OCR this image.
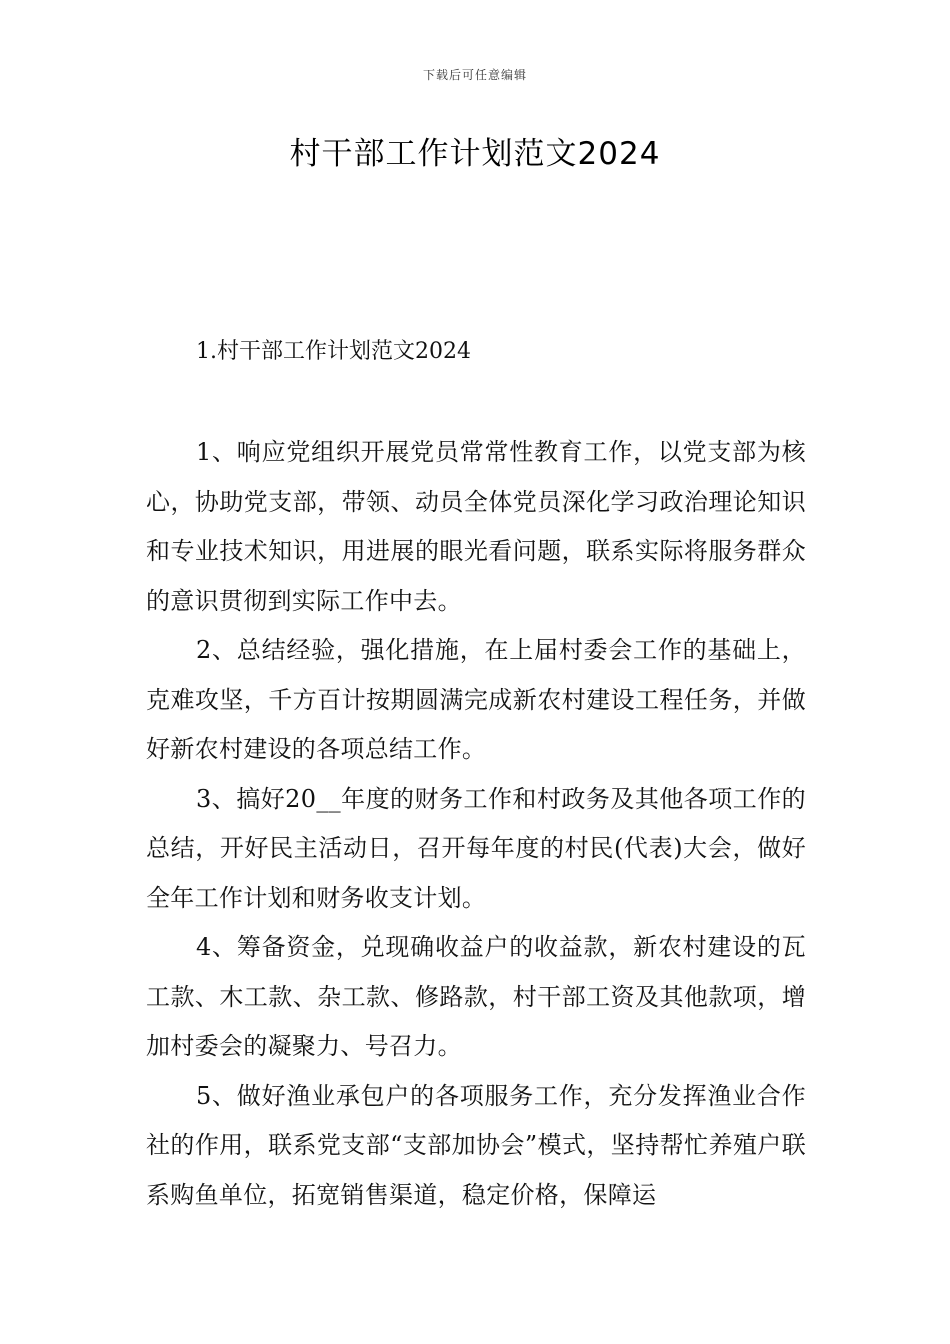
下载后可任意编辑
村干部工作计划范文2024
1.村干部工作计划范文2024

1、响应党组织开展党员常常性教育工作，以党支部为核心，协助党支部，带领、动员全体党员深化学习政治理论知识和专业技术知识，用进展的眼光看问题，联系实际将服务群众的意识贯彻到实际工作中去。

2、总结经验，强化措施，在上届村委会工作的基础上，克难攻坚，千方百计按期圆满完成新农村建设工程任务，并做好新农村建设的各项总结工作。

3、搞好20__年度的财务工作和村政务及其他各项工作的总结，开好民主活动日，召开每年度的村民(代表)大会，做好全年工作计划和财务收支计划。

4、筹备资金，兑现确收益户的收益款，新农村建设的瓦工款、木工款、杂工款、修路款，村干部工资及其他款项，增加村委会的凝聚力、号召力。

5、做好渔业承包户的各项服务工作，充分发挥渔业合作社的作用，联系党支部“支部加协会”模式，坚持帮忙养殖户联系购鱼单位，拓宽销售渠道，稳定价格，保障运
